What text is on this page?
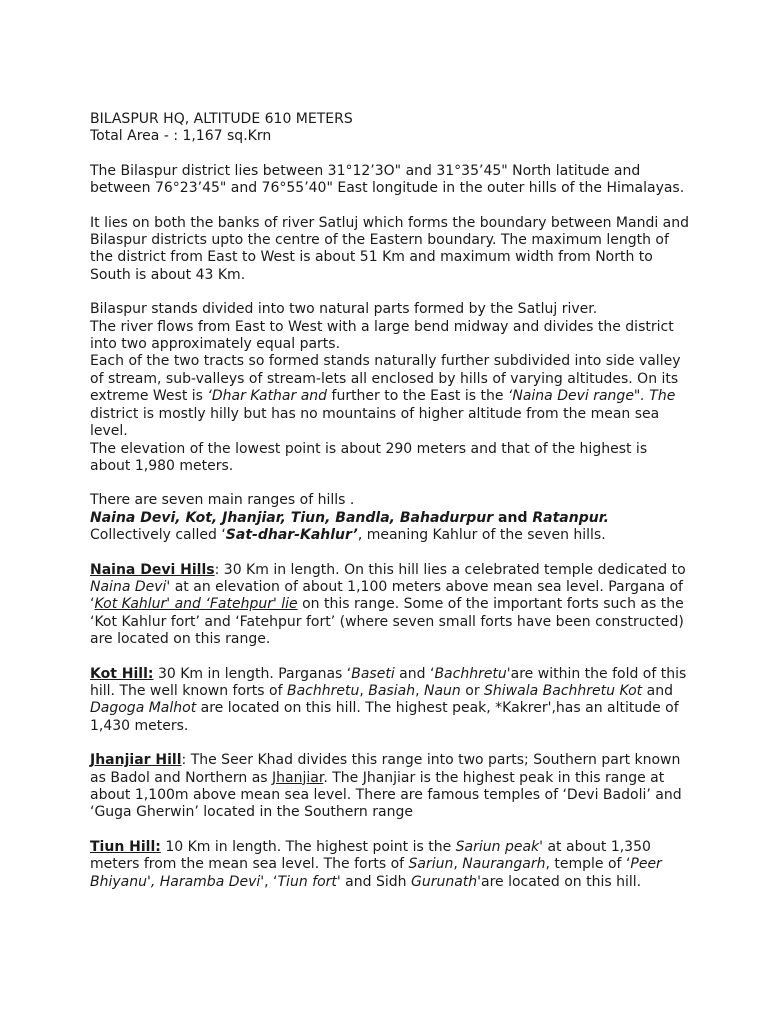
BILASPUR HQ, ALTITUDE 610 METERS

Total Area - : 1,167 sq.Krn

The Bilaspur district lies between 31°12’3O" and 31°35’45" North latitude and between 76°23’45" and 76°55’40" East longitude in the outer hills of the Himalayas.

It lies on both the banks of river Satluj which forms the boundary between Mandi and Bilaspur districts upto the centre of the Eastern boundary. The maximum length of the district from East to West is about 51 Km and maximum width from North to South is about 43 Km.

Bilaspur stands divided into two natural parts formed by the Satluj river.

The river flows from East to West with a large bend midway and divides the district into two approximately equal parts.

Each of the two tracts so formed stands naturally further subdivided into side valley of stream, sub-valleys of stream-lets all enclosed by hills of varying altitudes. On its extreme West is ‘Dhar Kathar and further to the East is the ‘Naina Devi range". The district is mostly hilly but has no mountains of higher altitude from the mean sea level.

The elevation of the lowest point is about 290 meters and that of the highest is about 1,980 meters.

There are seven main ranges of hills .

Naina Devi, Kot, Jhanjiar, Tiun, Bandla, Bahadurpur and Ratanpur.

Collectively called ‘Sat-dhar-Kahlur’, meaning Kahlur of the seven hills.

Naina Devi Hills: 30 Km in length. On this hill lies a celebrated temple dedicated to Naina Devi' at an elevation of about 1,100 meters above mean sea level. Pargana of ‘Kot Kahlur' and ‘Fatehpur' lie on this range. Some of the important forts such as the ‘Kot Kahlur fort’ and ‘Fatehpur fort’ (where seven small forts have been constructed) are located on this range.

Kot Hill: 30 Km in length. Parganas ‘Baseti and ‘Bachhretu'are within the fold of this hill. The well known forts of Bachhretu, Basiah, Naun or Shiwala Bachhretu Kot and Dagoga Malhot are located on this hill. The highest peak, *Kakrer',has an altitude of 1,430 meters.

Jhanjiar Hill: The Seer Khad divides this range into two parts; Southern part known as Badol and Northern as Jhanjiar. The Jhanjiar is the highest peak in this range at about 1,100m above mean sea level. There are famous temples of ‘Devi Badoli’ and ‘Guga Gherwin’ located in the Southern range

Tiun Hill: 10 Km in length. The highest point is the Sariun peak' at about 1,350 meters from the mean sea level. The forts of Sariun, Naurangarh, temple of ‘Peer Bhiyanu', Haramba Devi', ‘Tiun fort' and Sidh Gurunath'are located on this hill.
